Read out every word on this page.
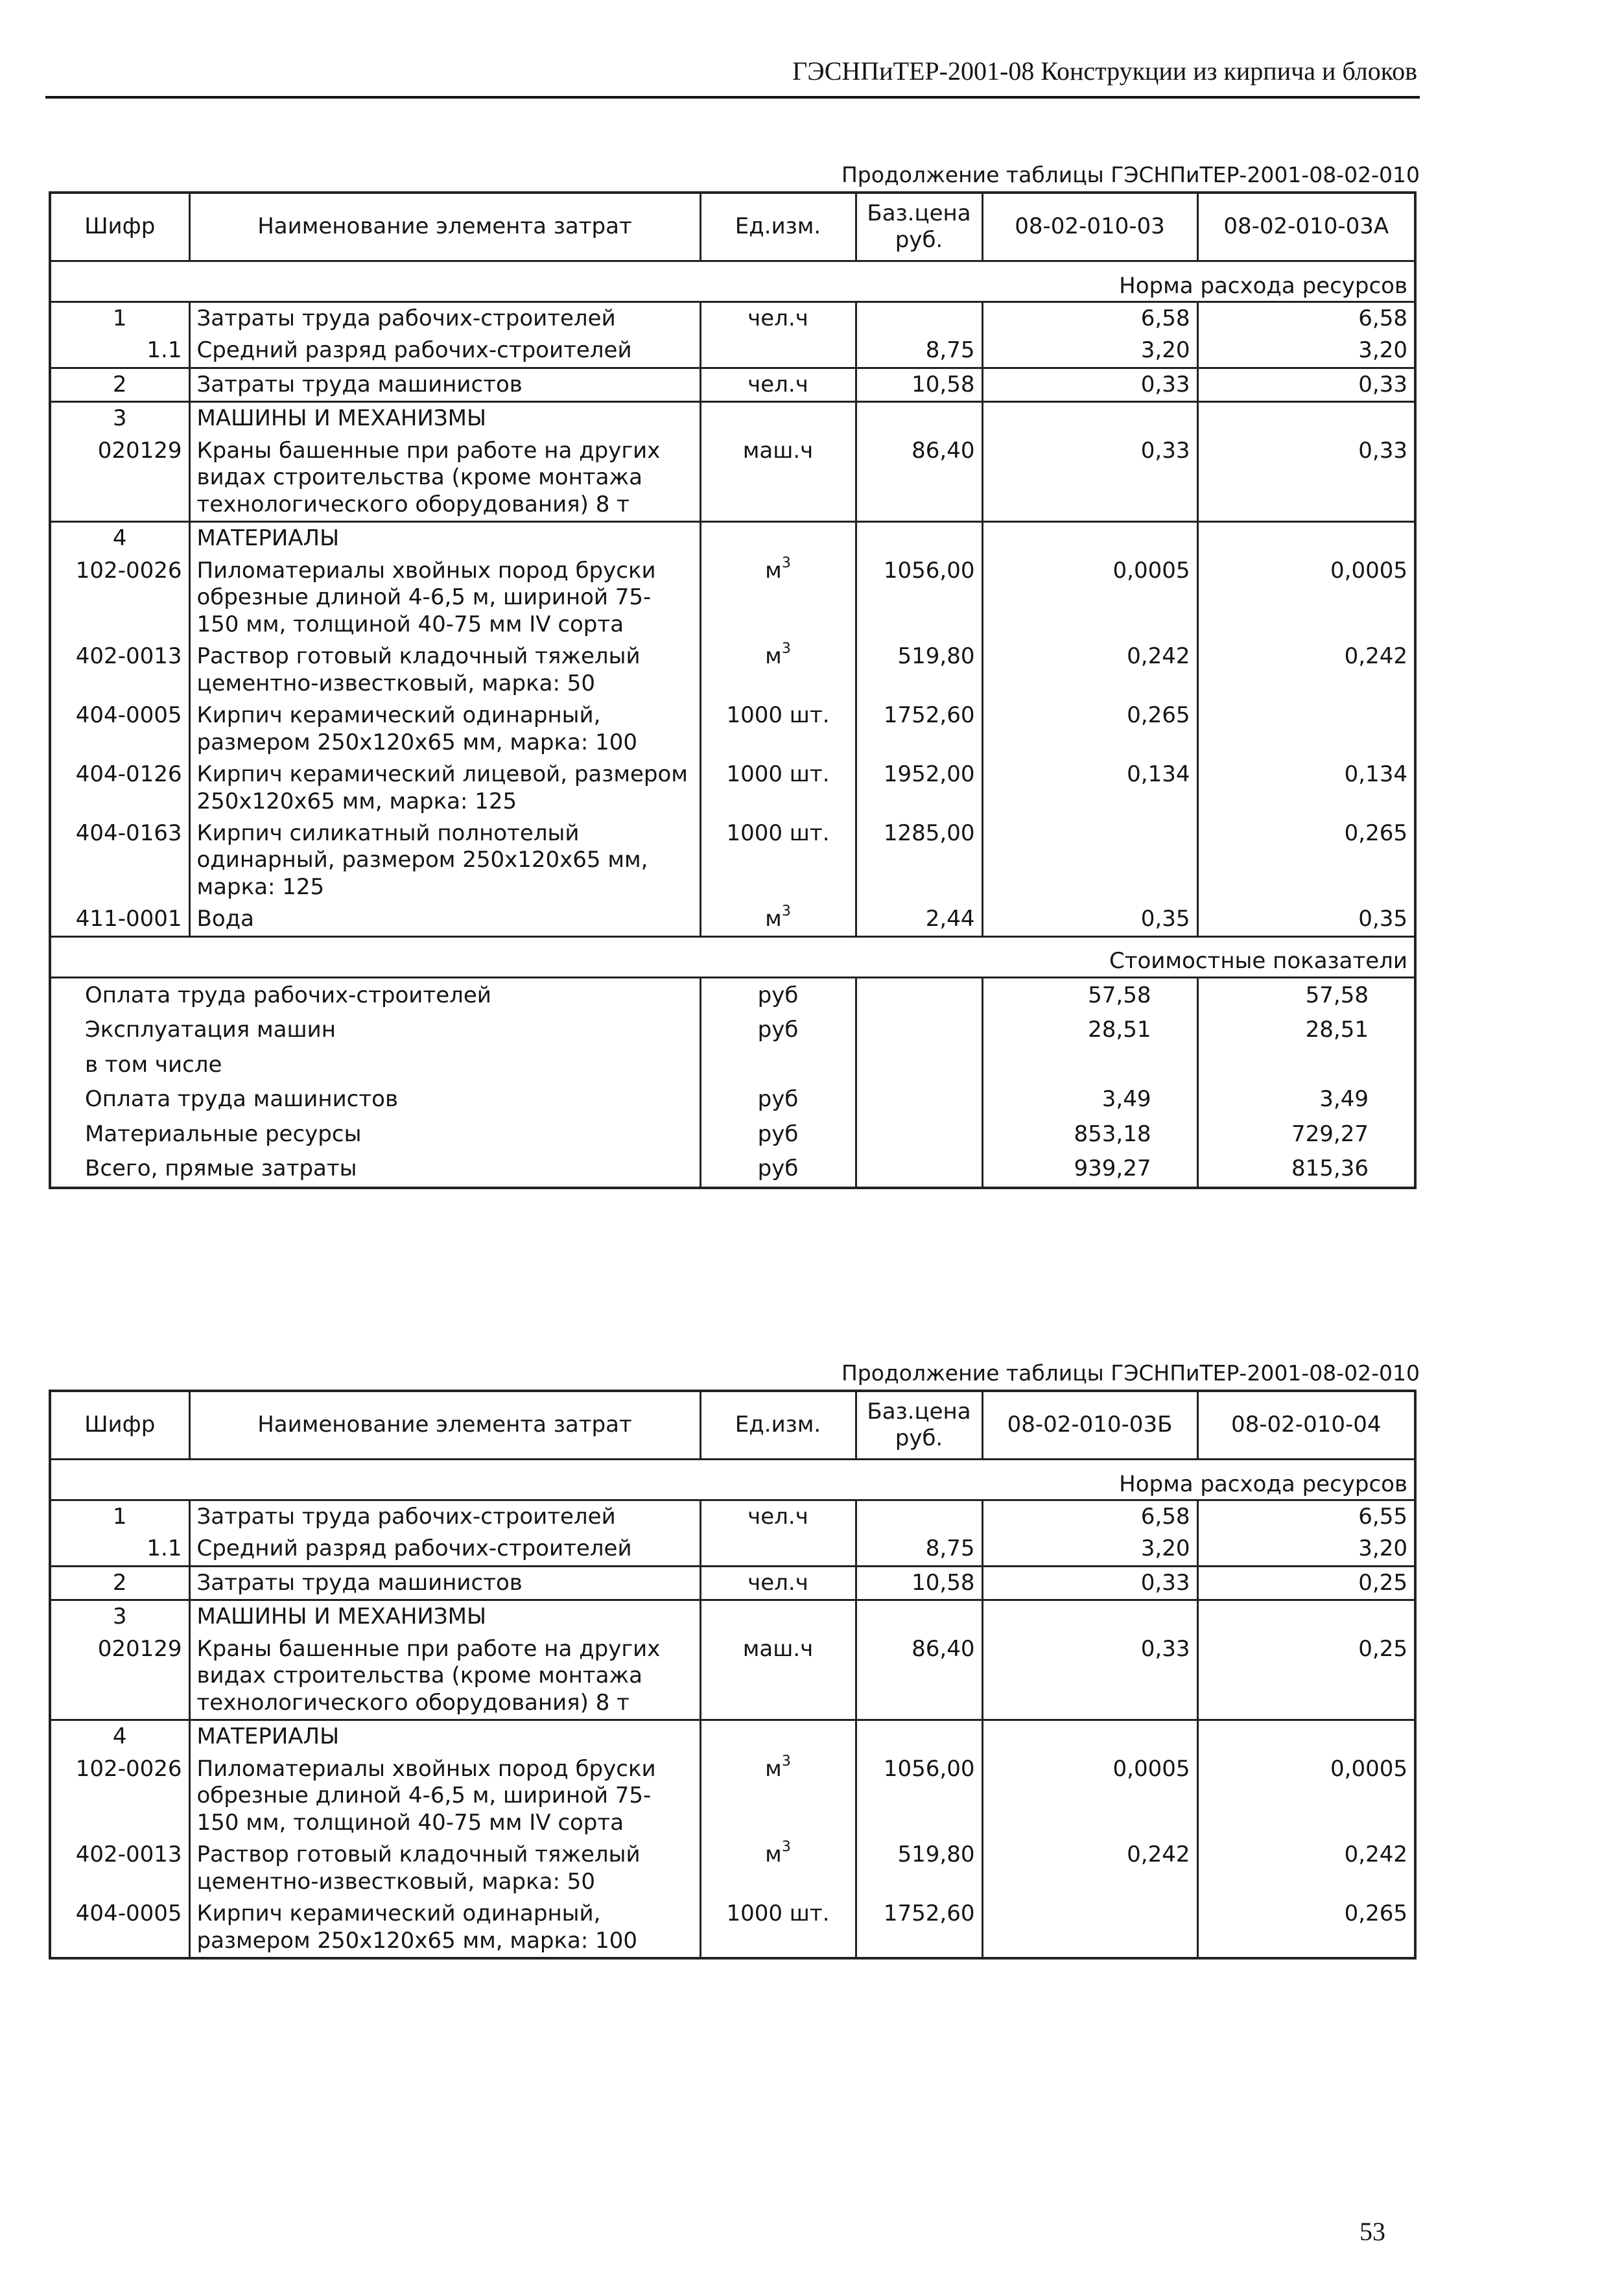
ГЭСНПиТЕР-2001-08 Конструкции из кирпича и блоков
Продолжение таблицы ГЭСНПиТЕР-2001-08-02-010
Шифр	Наименование элемента затрат	Ед.изм.	Баз.цена руб.	08-02-010-03	08-02-010-03А
Норма расхода ресурсов					
1	Затраты труда рабочих-строителей	чел.ч		6,58	6,58
1.1	Средний разряд рабочих-строителей		8,75	3,20	3,20
2	Затраты труда машинистов	чел.ч	10,58	0,33	0,33
3	МАШИНЫ И МЕХАНИЗМЫ				
020129	Краны башенные при работе на других видах строительства (кроме монтажа технологического оборудования) 8 т	маш.ч	86,40	0,33	0,33
4	МАТЕРИАЛЫ				
102-0026	Пиломатериалы хвойных пород бруски обрезные длиной 4-6,5 м, шириной 75-150 мм, толщиной 40-75 мм IV сорта	$м^3$	1056,00	0,0005	0,0005
402-0013	Раствор готовый кладочный тяжелый цементно-известковый, марка: 50	$м^3$	519,80	0,242	0,242
404-0005	Кирпич керамический одинарный, размером 250х120х65 мм, марка: 100	1000 шт.	1752,60	0,265	
404-0126	Кирпич керамический лицевой, размером 250х120х65 мм, марка: 125	1000 шт.	1952,00	0,134	0,134
404-0163	Кирпич силикатный полнотелый одинарный, размером 250х120х65 мм, марка: 125	1000 шт.	1285,00		0,265
411-0001	Вода	$м^3$	2,44	0,35	0,35
Стоимостные показатели					
Оплата труда рабочих-строителей		руб		57,58	57,58
Эксплуатация машин		руб		28,51	28,51
в том числе					
Оплата труда машинистов		руб		3,49	3,49
Материальные ресурсы		руб		853,18	729,27
Всего, прямые затраты		руб		939,27	815,36
Продолжение таблицы ГЭСНПиТЕР-2001-08-02-010
Шифр	Наименование элемента затрат	Ед.изм.	Баз.цена руб.	08-02-010-03Б	08-02-010-04
Норма расхода ресурсов					
1	Затраты труда рабочих-строителей	чел.ч		6,58	6,55
1.1	Средний разряд рабочих-строителей		8,75	3,20	3,20
2	Затраты труда машинистов	чел.ч	10,58	0,33	0,25
3	МАШИНЫ И МЕХАНИЗМЫ				
020129	Краны башенные при работе на других видах строительства (кроме монтажа технологического оборудования) 8 т	маш.ч	86,40	0,33	0,25
4	МАТЕРИАЛЫ				
102-0026	Пиломатериалы хвойных пород бруски обрезные длиной 4-6,5 м, шириной 75-150 мм, толщиной 40-75 мм IV сорта	$м^3$	1056,00	0,0005	0,0005
402-0013	Раствор готовый кладочный тяжелый цементно-известковый, марка: 50	$м^3$	519,80	0,242	0,242
404-0005	Кирпич керамический одинарный, размером 250х120х65 мм, марка: 100	1000 шт.	1752,60		0,265
53
